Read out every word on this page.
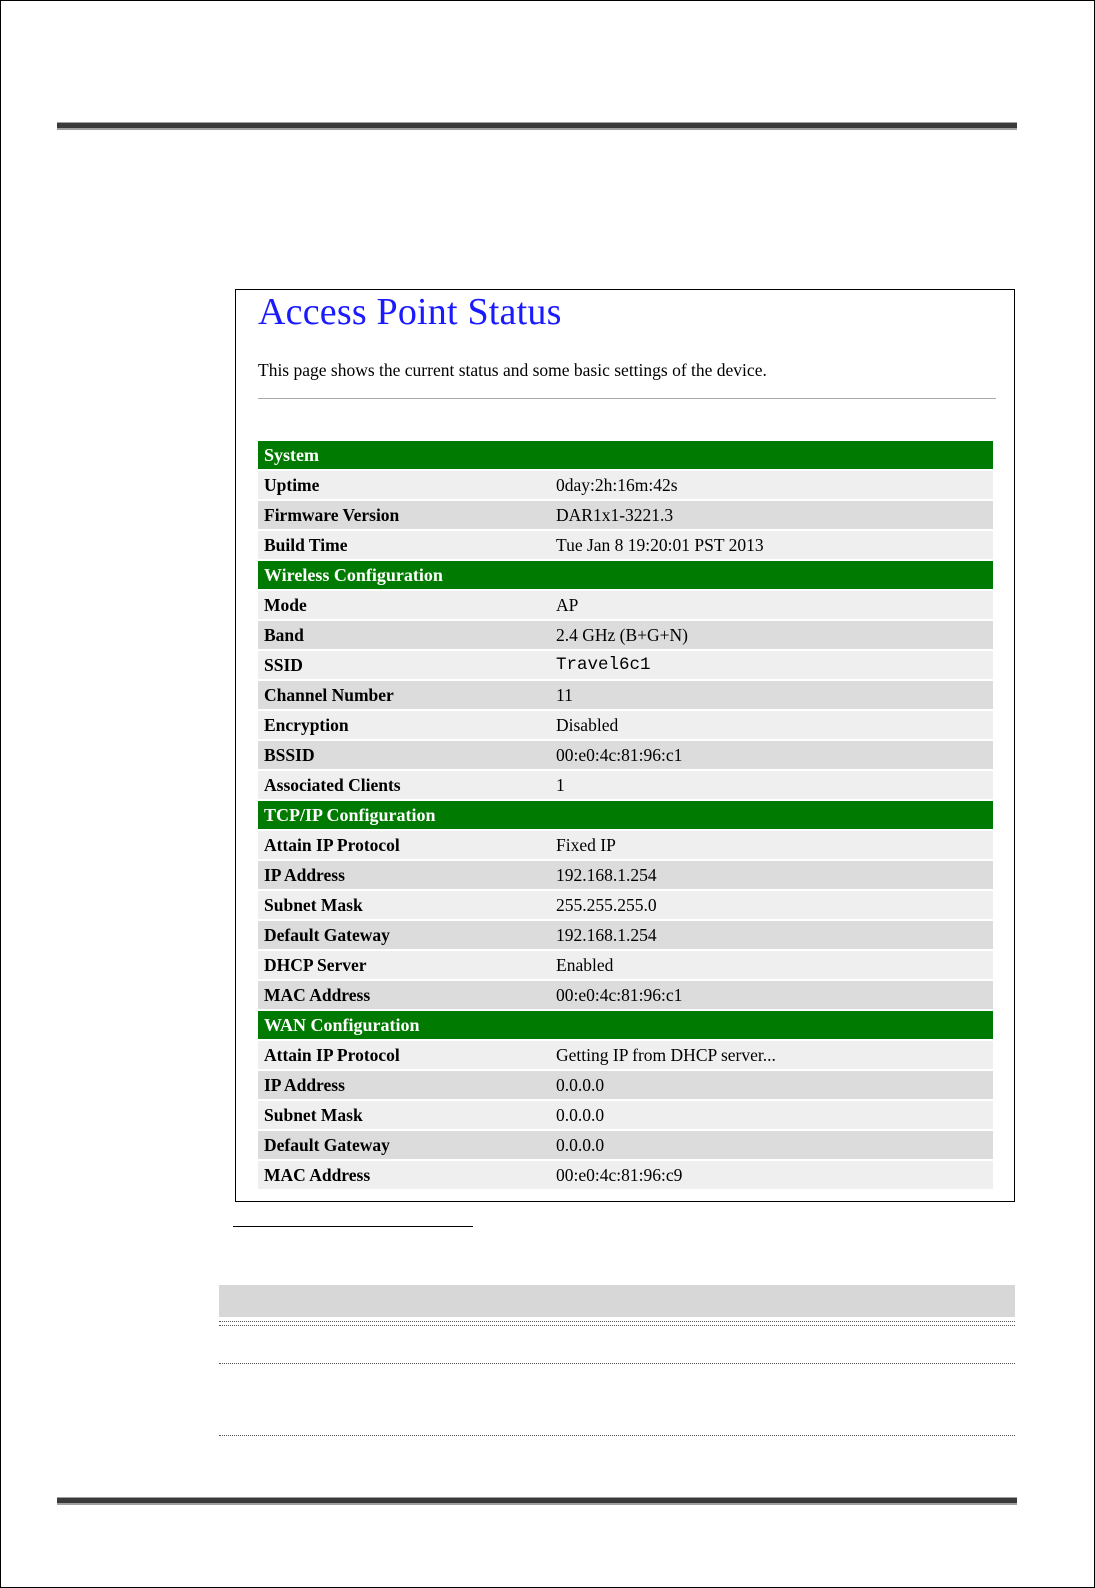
Access Point Status

This page shows the current status and some basic settings of the device.

System	
Uptime	0day:2h:16m:42s
Firmware Version	DAR1x1-3221.3
Build Time	Tue Jan 8 19:20:01 PST 2013
Wireless Configuration	
Mode	AP
Band	2.4 GHz (B+G+N)
SSID	Travel6c1
Channel Number	11
Encryption	Disabled
BSSID	00:e0:4c:81:96:c1
Associated Clients	1
TCP/IP Configuration	
Attain IP Protocol	Fixed IP
IP Address	192.168.1.254
Subnet Mask	255.255.255.0
Default Gateway	192.168.1.254
DHCP Server	Enabled
MAC Address	00:e0:4c:81:96:c1
WAN Configuration	
Attain IP Protocol	Getting IP from DHCP server...
IP Address	0.0.0.0
Subnet Mask	0.0.0.0
Default Gateway	0.0.0.0
MAC Address	00:e0:4c:81:96:c9
